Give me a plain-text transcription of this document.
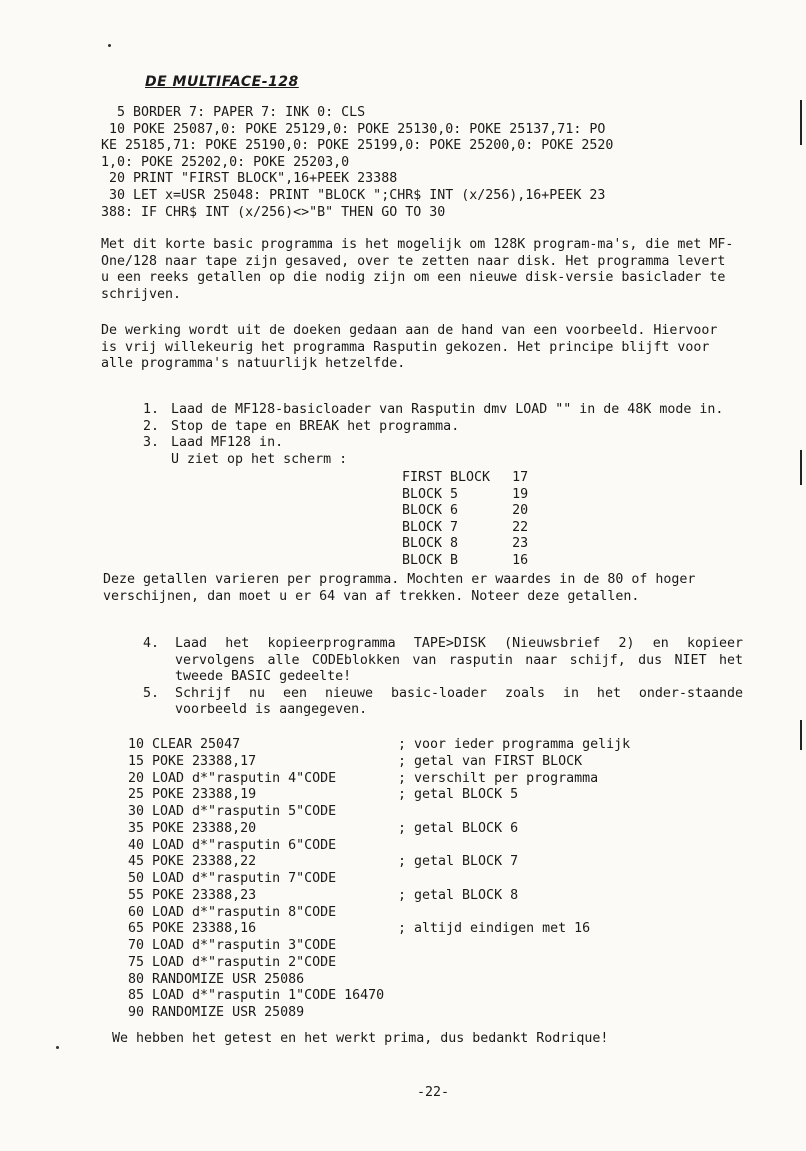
DE MULTIFACE-128
5 BORDER 7: PAPER 7: INK 0: CLS
10 POKE 25087,0: POKE 25129,0: POKE 25130,0: POKE 25137,71: PO
KE 25185,71: POKE 25190,0: POKE 25199,0: POKE 25200,0: POKE 2520
1,0: POKE 25202,0: POKE 25203,0
20 PRINT "FIRST BLOCK",16+PEEK 23388
30 LET x=USR 25048: PRINT "BLOCK ";CHR$ INT (x/256),16+PEEK 23
388: IF CHR$ INT (x/256)<>"B" THEN GO TO 30

Met dit korte basic programma is het mogelijk om 128K program-ma's, die met MF-One/128 naar tape zijn gesaved, over te zetten naar disk. Het programma levert u een reeks getallen op die nodig zijn om een nieuwe disk-versie basiclader te schrijven.

De werking wordt uit de doeken gedaan aan de hand van een voorbeeld. Hiervoor is vrij willekeurig het programma Rasputin gekozen. Het principe blijft voor alle programma's natuurlijk hetzelfde.

1. Laad de MF128-basicloader van Rasputin dmv LOAD "" in de 48K mode in.
2. Stop de tape en BREAK het programma.
3. Laad MF128 in.
U ziet op het scherm :
FIRST BLOCK	17
BLOCK 5	19
BLOCK 6	20
BLOCK 7	22
BLOCK 8	23
BLOCK B	16

Deze getallen varieren per programma. Mochten er waardes in de 80 of hoger verschijnen, dan moet u er 64 van af trekken. Noteer deze getallen.

4. Laad het kopieerprogramma TAPE>DISK (Nieuwsbrief 2) en kopieer vervolgens alle CODEblokken van rasputin naar schijf, dus NIET het tweede BASIC gedeelte!
5. Schrijf nu een nieuwe basic-loader zoals in het onder-staande voorbeeld is aangegeven.
10 CLEAR 25047	; voor ieder programma gelijk
15 POKE 23388,17	; getal van FIRST BLOCK
20 LOAD d*"rasputin 4"CODE	; verschilt per programma
25 POKE 23388,19	; getal BLOCK 5
30 LOAD d*"rasputin 5"CODE	
35 POKE 23388,20	; getal BLOCK 6
40 LOAD d*"rasputin 6"CODE	
45 POKE 23388,22	; getal BLOCK 7
50 LOAD d*"rasputin 7"CODE	
55 POKE 23388,23	; getal BLOCK 8
60 LOAD d*"rasputin 8"CODE	
65 POKE 23388,16	; altijd eindigen met 16
70 LOAD d*"rasputin 3"CODE	
75 LOAD d*"rasputin 2"CODE	
80 RANDOMIZE USR 25086	
85 LOAD d*"rasputin 1"CODE 16470	
90 RANDOMIZE USR 25089	
We hebben het getest en het werkt prima, dus bedankt Rodrique!
-22-
